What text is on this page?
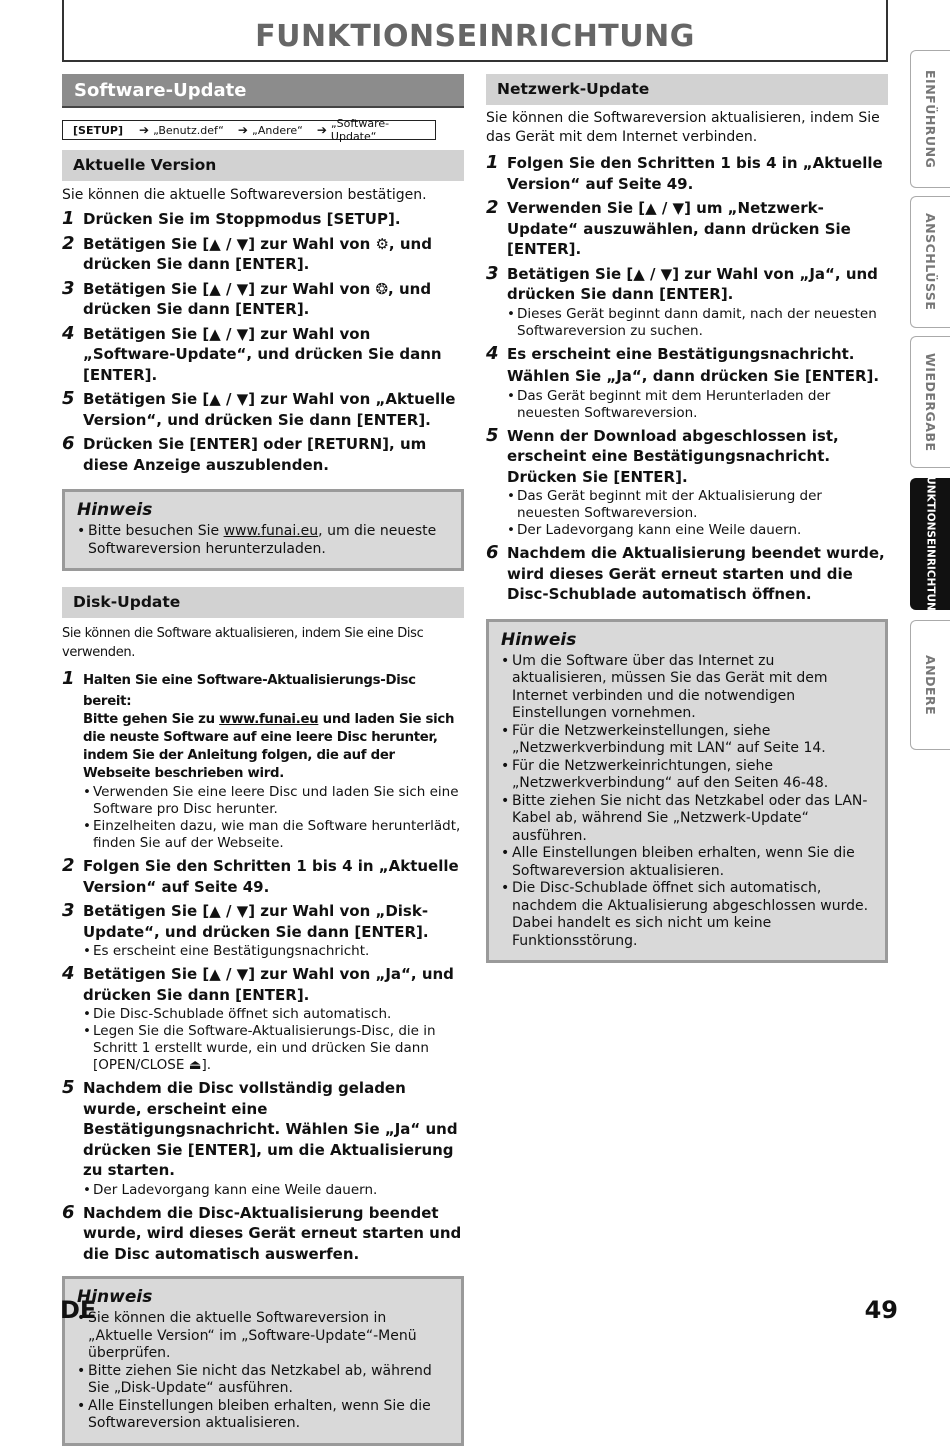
FUNKTIONSEINRICHTUNG
Software-Update
[SETUP] ➔ „Benutz.def“ ➔ „Andere“ ➔ „Software-Update“
Aktuelle Version

Sie können die aktuelle Softwareversion bestätigen.

1 Drücken Sie im Stoppmodus [SETUP].
2 Betätigen Sie [▲ / ▼] zur Wahl von ⚙, und drücken Sie dann [ENTER].
3 Betätigen Sie [▲ / ▼] zur Wahl von ❂, und drücken Sie dann [ENTER].
4 Betätigen Sie [▲ / ▼] zur Wahl von „Software-Update“, und drücken Sie dann [ENTER].
5 Betätigen Sie [▲ / ▼] zur Wahl von „Aktuelle Version“, und drücken Sie dann [ENTER].
6 Drücken Sie [ENTER] oder [RETURN], um diese Anzeige auszublenden.
Hinweis
• Bitte besuchen Sie www.funai.eu, um die neueste Softwareversion herunterzuladen.
Disk-Update

Sie können die Software aktualisieren, indem Sie eine Disc verwenden.

1 Halten Sie eine Software-Aktualisierungs-Disc bereit:
Bitte gehen Sie zu www.funai.eu und laden Sie sich die neuste Software auf eine leere Disc herunter, indem Sie der Anleitung folgen, die auf der Webseite beschrieben wird.
• Verwenden Sie eine leere Disc und laden Sie sich eine Software pro Disc herunter.
• Einzelheiten dazu, wie man die Software herunterlädt, finden Sie auf der Webseite.
2 Folgen Sie den Schritten 1 bis 4 in „Aktuelle Version“ auf Seite 49.
3 Betätigen Sie [▲ / ▼] zur Wahl von „Disk-Update“, und drücken Sie dann [ENTER].
• Es erscheint eine Bestätigungsnachricht.
4 Betätigen Sie [▲ / ▼] zur Wahl von „Ja“, und drücken Sie dann [ENTER].
• Die Disc-Schublade öffnet sich automatisch.
• Legen Sie die Software-Aktualisierungs-Disc, die in Schritt 1 erstellt wurde, ein und drücken Sie dann [OPEN/CLOSE ⏏].
5 Nachdem die Disc vollständig geladen wurde, erscheint eine Bestätigungsnachricht. Wählen Sie „Ja“ und drücken Sie [ENTER], um die Aktualisierung zu starten.
• Der Ladevorgang kann eine Weile dauern.
6 Nachdem die Disc-Aktualisierung beendet wurde, wird dieses Gerät erneut starten und die Disc automatisch auswerfen.
Hinweis
• Sie können die aktuelle Softwareversion in „Aktuelle Version“ im „Software-Update“-Menü überprüfen.
• Bitte ziehen Sie nicht das Netzkabel ab, während Sie „Disk-Update“ ausführen.
• Alle Einstellungen bleiben erhalten, wenn Sie die Softwareversion aktualisieren.
Netzwerk-Update

Sie können die Softwareversion aktualisieren, indem Sie das Gerät mit dem Internet verbinden.

1 Folgen Sie den Schritten 1 bis 4 in „Aktuelle Version“ auf Seite 49.
2 Verwenden Sie [▲ / ▼] um „Netzwerk-Update“ auszuwählen, dann drücken Sie [ENTER].
3 Betätigen Sie [▲ / ▼] zur Wahl von „Ja“, und drücken Sie dann [ENTER].
• Dieses Gerät beginnt dann damit, nach der neuesten Softwareversion zu suchen.
4 Es erscheint eine Bestätigungsnachricht.
Wählen Sie „Ja“, dann drücken Sie [ENTER].
• Das Gerät beginnt mit dem Herunterladen der neuesten Softwareversion.
5 Wenn der Download abgeschlossen ist, erscheint eine Bestätigungsnachricht. Drücken Sie [ENTER].
• Das Gerät beginnt mit der Aktualisierung der neuesten Softwareversion.
• Der Ladevorgang kann eine Weile dauern.
6 Nachdem die Aktualisierung beendet wurde, wird dieses Gerät erneut starten und die Disc-Schublade automatisch öffnen.
Hinweis
• Um die Software über das Internet zu aktualisieren, müssen Sie das Gerät mit dem Internet verbinden und die notwendigen Einstellungen vornehmen.
• Für die Netzwerkeinstellungen, siehe „Netzwerkverbindung mit LAN“ auf Seite 14.
• Für die Netzwerkeinrichtungen, siehe „Netzwerkverbindung“ auf den Seiten 46-48.
• Bitte ziehen Sie nicht das Netzkabel oder das LAN-Kabel ab, während Sie „Netzwerk-Update“ ausführen.
• Alle Einstellungen bleiben erhalten, wenn Sie die Softwareversion aktualisieren.
• Die Disc-Schublade öffnet sich automatisch, nachdem die Aktualisierung abgeschlossen wurde. Dabei handelt es sich nicht um keine Funktionsstörung.
EINFÜHRUNG
ANSCHLÜSSE
WIEDERGABE
FUNKTIONSEINRICHTUNG
ANDERE
DE	49
